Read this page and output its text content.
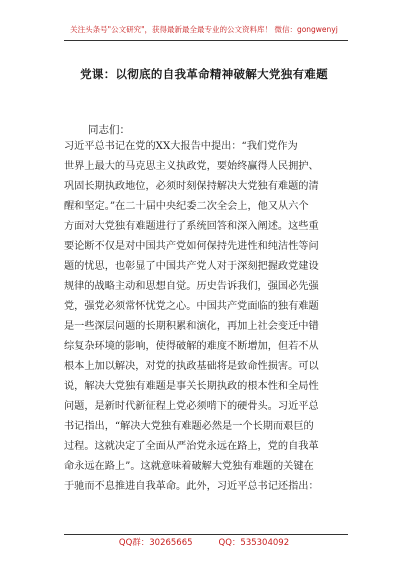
关注头条号"公文研究"，获得最新最全最专业的公文资料库！ 微信：gongwenyj
党课：以彻底的自我革命精神破解大党独有难题
同志们：
习近平总书记在党的XX大报告中提出：“我们党作为
世界上最大的马克思主义执政党，要始终赢得人民拥护、
巩固长期执政地位，必须时刻保持解决大党独有难题的清
醒和坚定。”在二十届中央纪委二次全会上，他又从六个
方面对大党独有难题进行了系统回答和深入阐述。这些重
要论断不仅是对中国共产党如何保持先进性和纯洁性等问
题的忧思，也彰显了中国共产党人对于深刻把握政党建设
规律的战略主动和思想自觉。历史告诉我们，强国必先强
党，强党必须常怀忧党之心。中国共产党面临的独有难题
是一些深层问题的长期积累和演化，再加上社会变迁中错
综复杂环境的影响，使得破解的难度不断增加，但若不从
根本上加以解决，对党的执政基础将是致命性损害。可以
说，解决大党独有难题是事关长期执政的根本性和全局性
问题，是新时代新征程上党必须啃下的硬骨头。习近平总
书记指出，“解决大党独有难题必然是一个长期而艰巨的
过程。这就决定了全面从严治党永远在路上，党的自我革
命永远在路上”。这就意味着破解大党独有难题的关键在
于驰而不息推进自我革命。此外，习近平总书记还指出：
QQ群：30265665	QQ：535304092
